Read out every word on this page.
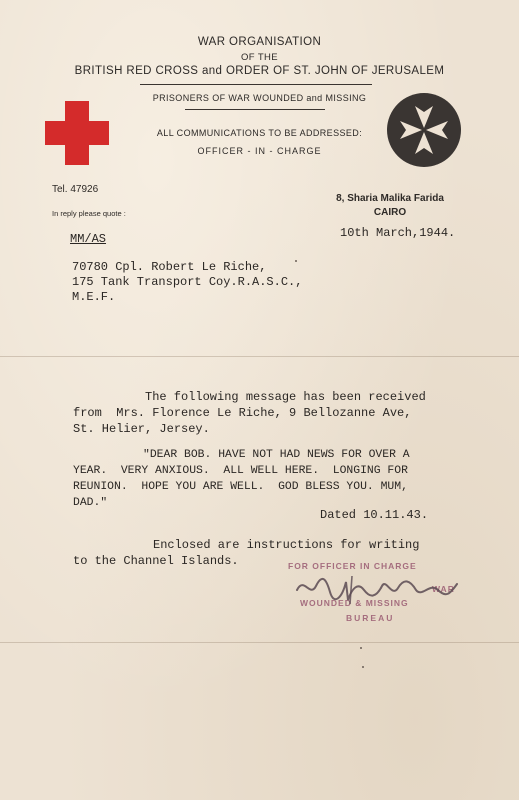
WAR ORGANISATION
OF THE
BRITISH RED CROSS and ORDER OF ST. JOHN OF JERUSALEM
PRISONERS OF WAR WOUNDED and MISSING
ALL COMMUNICATIONS TO BE ADDRESSED:
OFFICER - IN - CHARGE
Tel. 47926
In reply please quote :
8, Sharia Malika Farida
CAIRO
10th March,1944.
MM/AS
70780 Cpl. Robert Le Riche,
175 Tank Transport Coy.R.A.S.C.,
M.E.F.
The following message has been received
from  Mrs. Florence Le Riche, 9 Bellozanne Ave,
St. Helier, Jersey.
"DEAR BOB. HAVE NOT HAD NEWS FOR OVER A
YEAR.  VERY ANXIOUS.  ALL WELL HERE.  LONGING FOR
REUNION.  HOPE YOU ARE WELL.  GOD BLESS YOU. MUM,
DAD."
Dated 10.11.43.
Enclosed are instructions for writing
to the Channel Islands.	FOR OFFICER IN CHARGE
WAR
WOUNDED & MISSING
BUREAU
